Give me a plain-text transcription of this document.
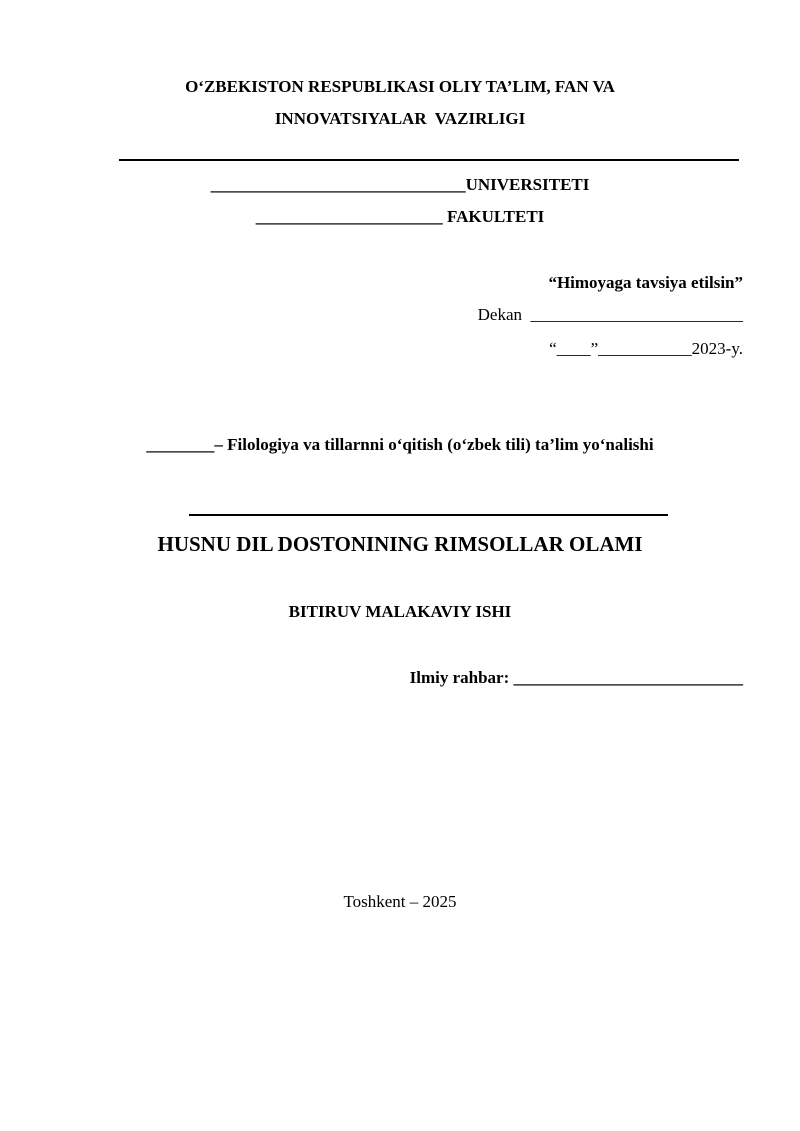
O‘ZBEKISTON RESPUBLIKASI OLIY TA’LIM, FAN VA
INNOVATSIYALAR  VAZIRLIGI
______________________________UNIVERSITETI
______________________ FAKULTETI
“Himoyaga tavsiya etilsin”
Dekan  _________________________
“____”___________2023-y.
________– Filologiya va tillarnni o‘qitish (o‘zbek tili) ta’lim yo‘nalishi
HUSNU DIL DOSTONINING RIMSOLLAR OLAMI
BITIRUV MALAKAVIY ISHI
Ilmiy rahbar: ___________________________
Toshkent – 2025
